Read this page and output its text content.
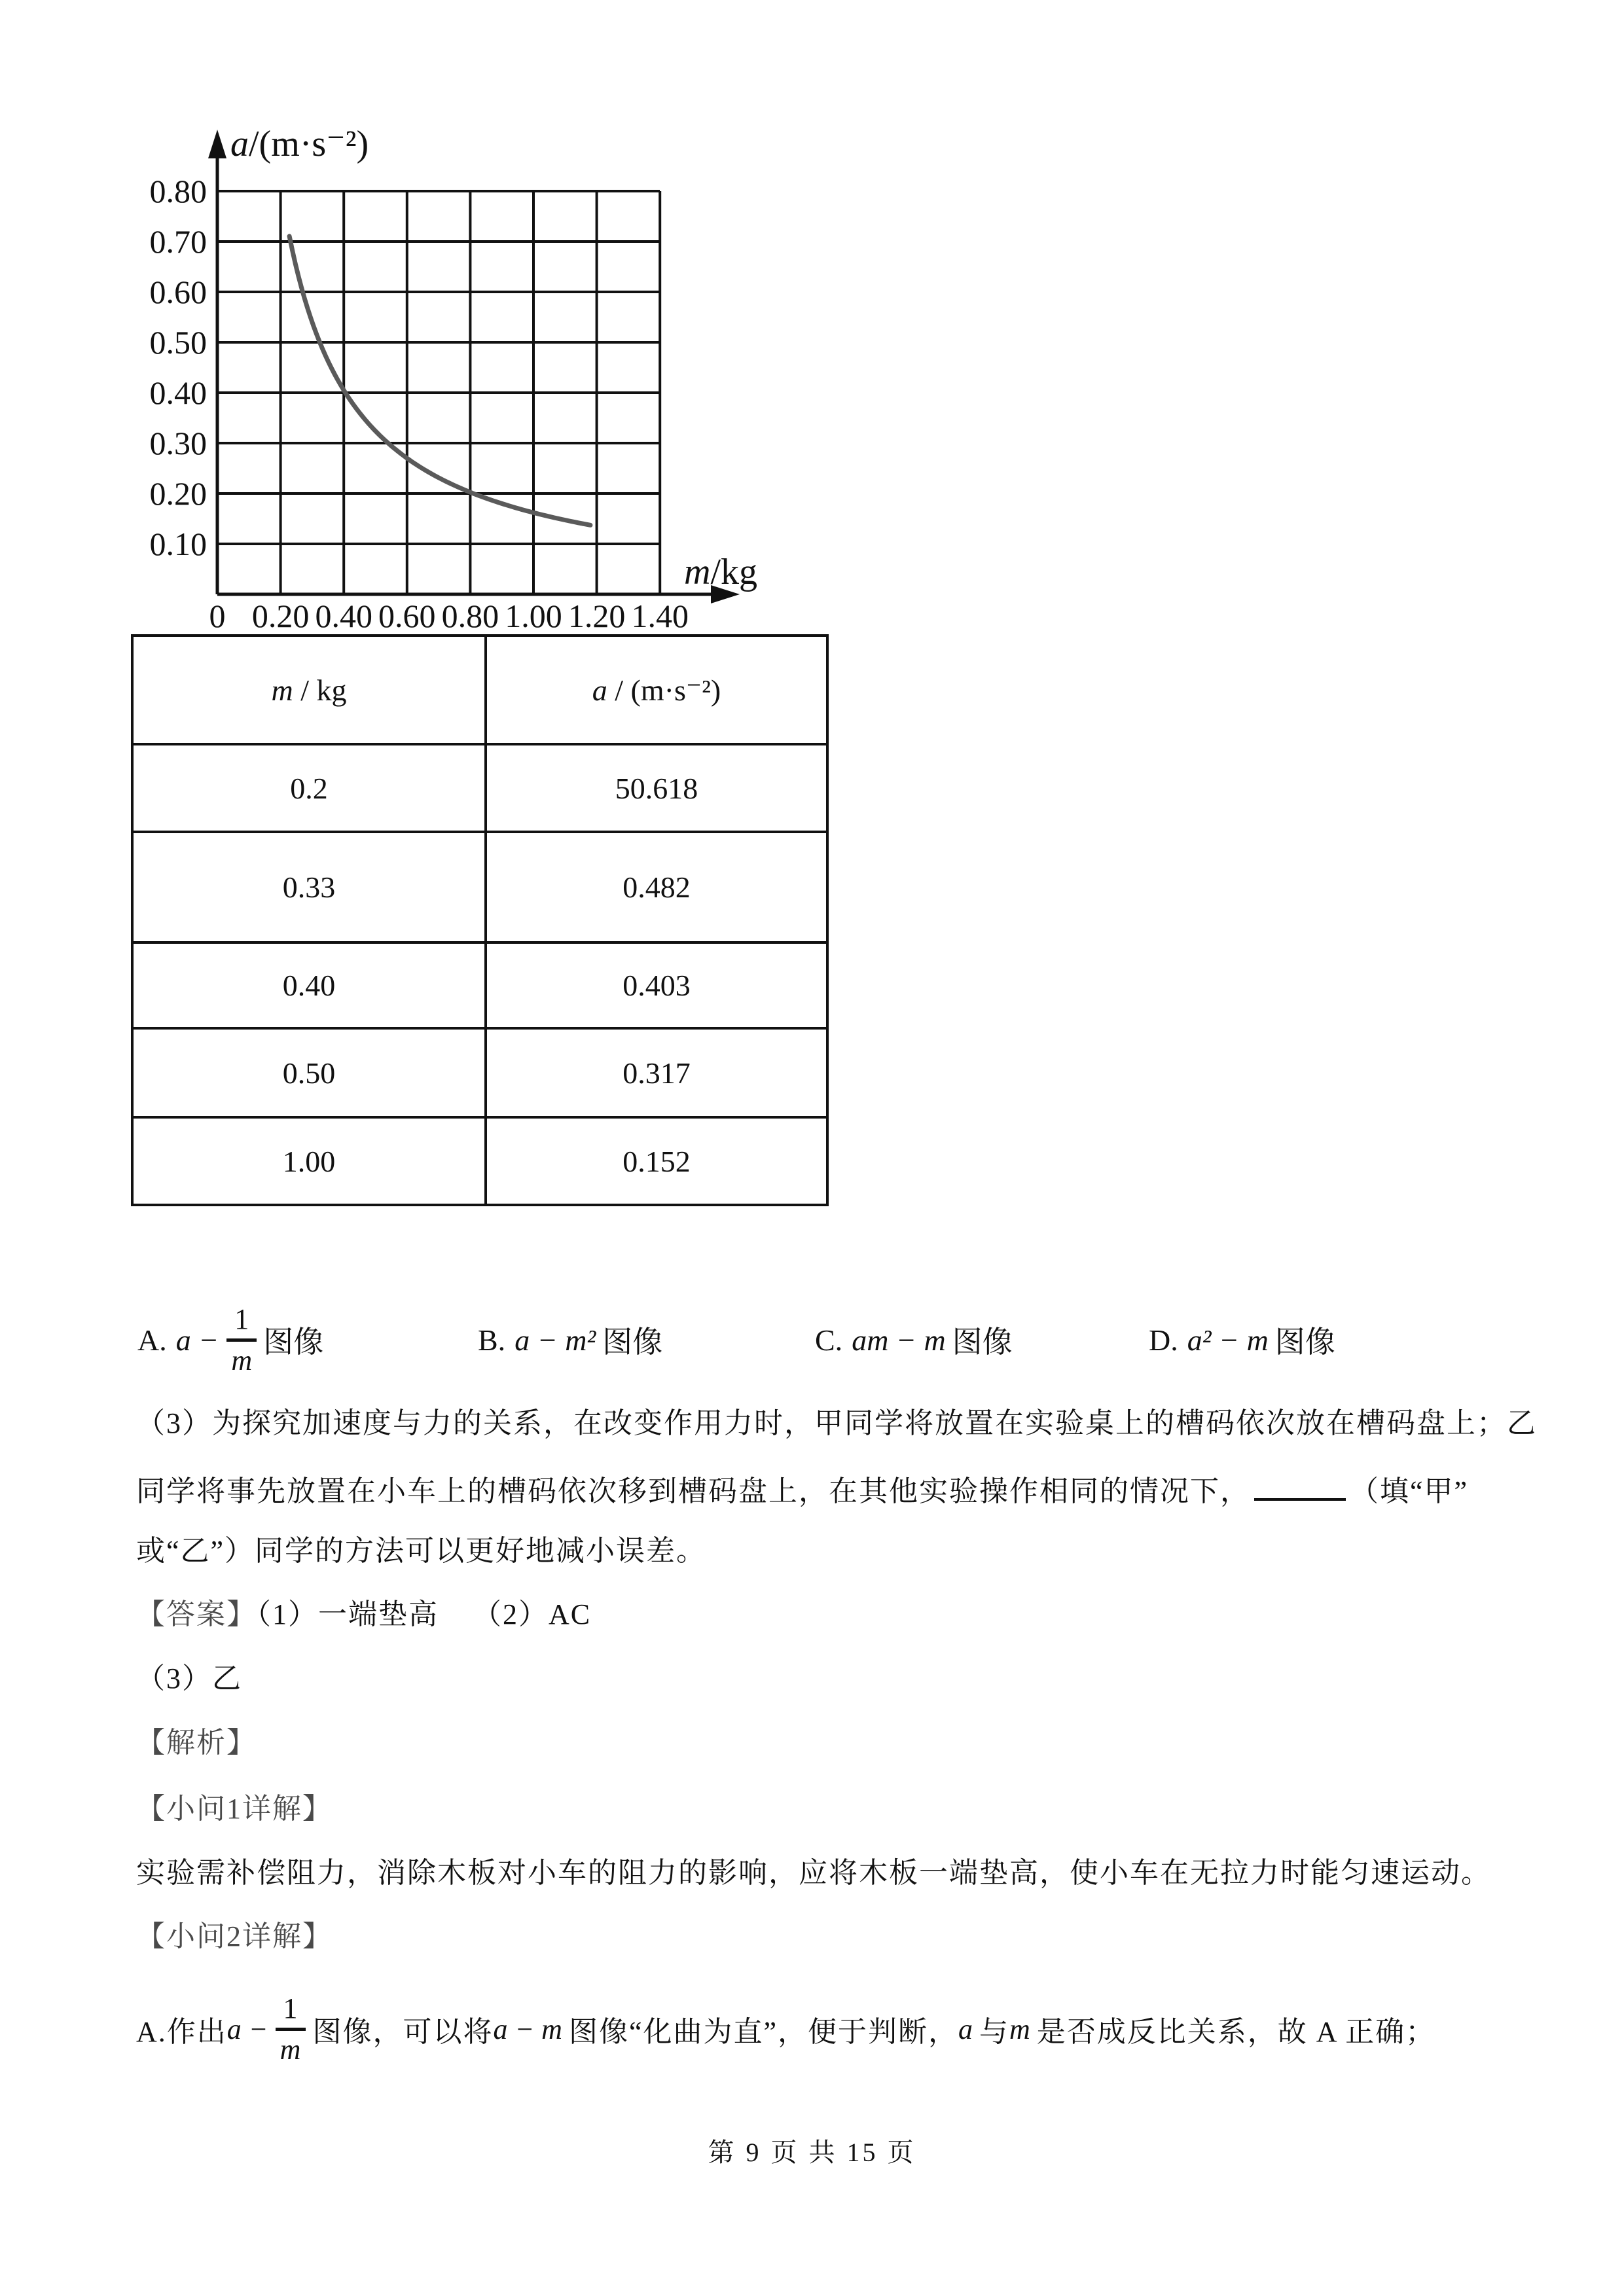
0 0.20 0.40 0.60 0.80 1.00 1.20 1.40
0.80
0.70
0.60
0.50
0.40
0.30
0.20
0.10
a/(m·s⁻²)
m/kg
m / kg	a / (m·s⁻²)
0.2	50.618
0.33	0.482
0.40	0.403
0.50	0.317
1.00	0.152
A. a −
1
m
图像	B. a − m² 图像	C. am − m 图像	D. a² − m 图像
（3）为探究加速度与力的关系，在改变作用力时，甲同学将放置在实验桌上的槽码依次放在槽码盘上；乙
同学将事先放置在小车上的槽码依次移到槽码盘上，在其他实验操作相同的情况下，	（填“甲”
或“乙”）同学的方法可以更好地减小误差。
【答案】（1）一端垫高 （2）AC
（3）乙
【解析】
【小问1详解】
实验需补偿阻力，消除木板对小车的阻力的影响，应将木板一端垫高，使小车在无拉力时能匀速运动。
【小问2详解】
A.作出 a −
1
m
图像，可以将 a − m 图像“化曲为直”，便于判断， a 与 m 是否成反比关系，故 A 正确；
第 9 页 共 15 页
